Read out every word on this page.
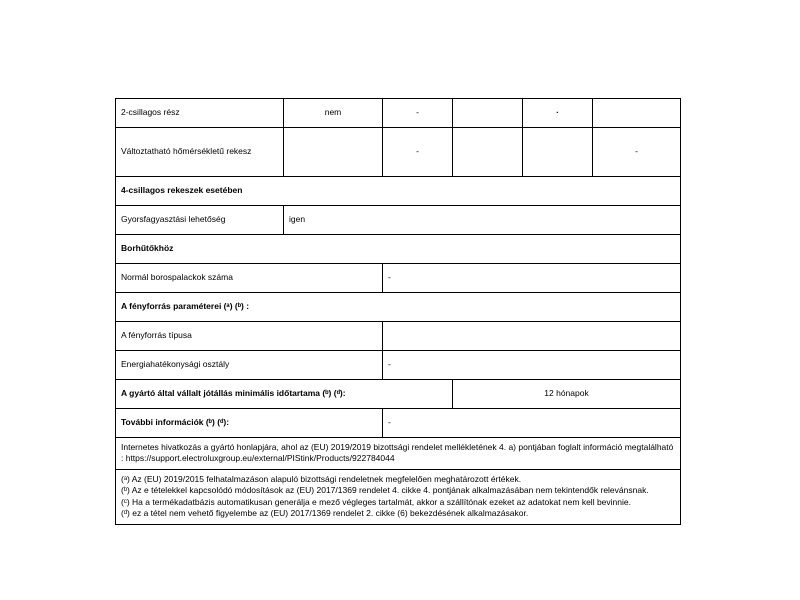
2-csillagos rész	nem	-		·	
Változtatható hőmérsékletű rekesz		-			-
4-csillagos rekeszek esetében					
Gyorsfagyasztási lehetőség	igen				
Borhűtőkhöz					
Normál borospalackok száma		-			
A fényforrás paraméterei (ᵃ) (ᵇ) :					
A fényforrás típusa					
Energiahatékonysági osztály		-			
A gyártó által vállalt jótállás minimális időtartama (ᵇ) (ᵈ):			12 hónapok		
További információk (ᵇ) (ᵈ):		-			
Internetes hivatkozás a gyártó honlapjára, ahol az (EU) 2019/2019 bizottsági rendelet mellékletének 4. a) pontjában foglalt információ megtalálható : https://support.electroluxgroup.eu/external/PIStink/Products/922784044					

(ᵃ) Az (EU) 2019/2015 felhatalmazáson alapuló bizottsági rendeletnek megfelelően meghatározott értékek.
(ᵇ) Az e tételekkel kapcsolódó módosítások az (EU) 2017/1369 rendelet 4. cikke 4. pontjának alkalmazásában nem tekintendők relevánsnak.
(ᶜ) Ha a termékadatbázis automatikusan generálja e mező végleges tartalmát, akkor a szállítónak ezeket az adatokat nem kell bevinnie.
(ᵈ) ez a tétel nem vehető figyelembe az (EU) 2017/1369 rendelet 2. cikke (6) bekezdésének alkalmazásakor.					
